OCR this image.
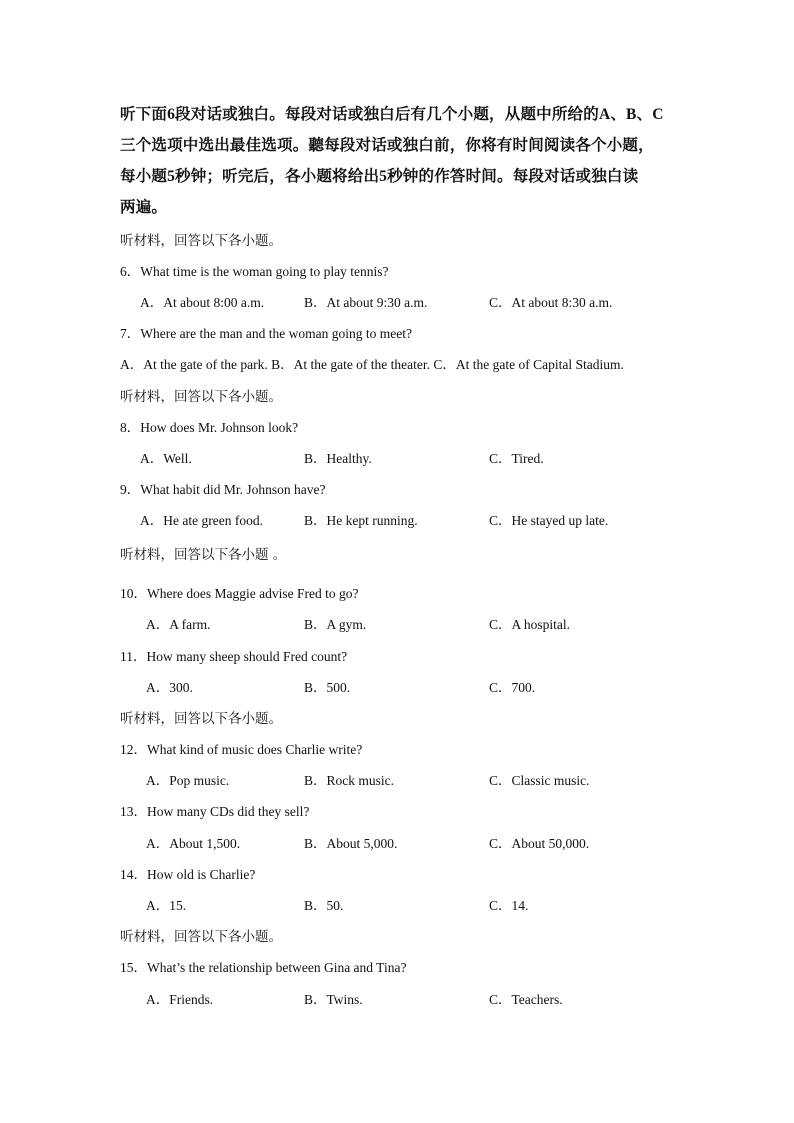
听下面6段对话或独白。每段对话或独白后有几个小题，从题中所给的A、B、C
三个选项中选出最佳选项。聽每段对话或独白前，你将有时间阅读各个小题，
每小题5秒钟；听完后，各小题将给出5秒钟的作答时间。每段对话或独白读
两遍。
听材料，回答以下各小题。
6．What time is the woman going to play tennis?
A．At about 8:00 a.m.	B．At about 9:30 a.m.	C．At about 8:30 a.m.
7．Where are the man and the woman going to meet?
A．At the gate of the park. B．At the gate of the theater. C．At the gate of Capital Stadium.
听材料，回答以下各小题。
8．How does Mr. Johnson look?
A．Well.	B．Healthy.	C．Tired.
9．What habit did Mr. Johnson have?
A．He ate green food.	B．He kept running.	C．He stayed up late.
听材料，回答以下各小题 。
10．Where does Maggie advise Fred to go?
A．A farm.	B．A gym.	C．A hospital.
11．How many sheep should Fred count?
A．300.	B．500.	C．700.
听材料，回答以下各小题。
12．What kind of music does Charlie write?
A．Pop music.	B．Rock music.	C．Classic music.
13．How many CDs did they sell?
A．About 1,500.	B．About 5,000.	C．About 50,000.
14．How old is Charlie?
A．15.	B．50.	C．14.
听材料，回答以下各小题。
15．What’s the relationship between Gina and Tina?
A．Friends.	B．Twins.	C．Teachers.
